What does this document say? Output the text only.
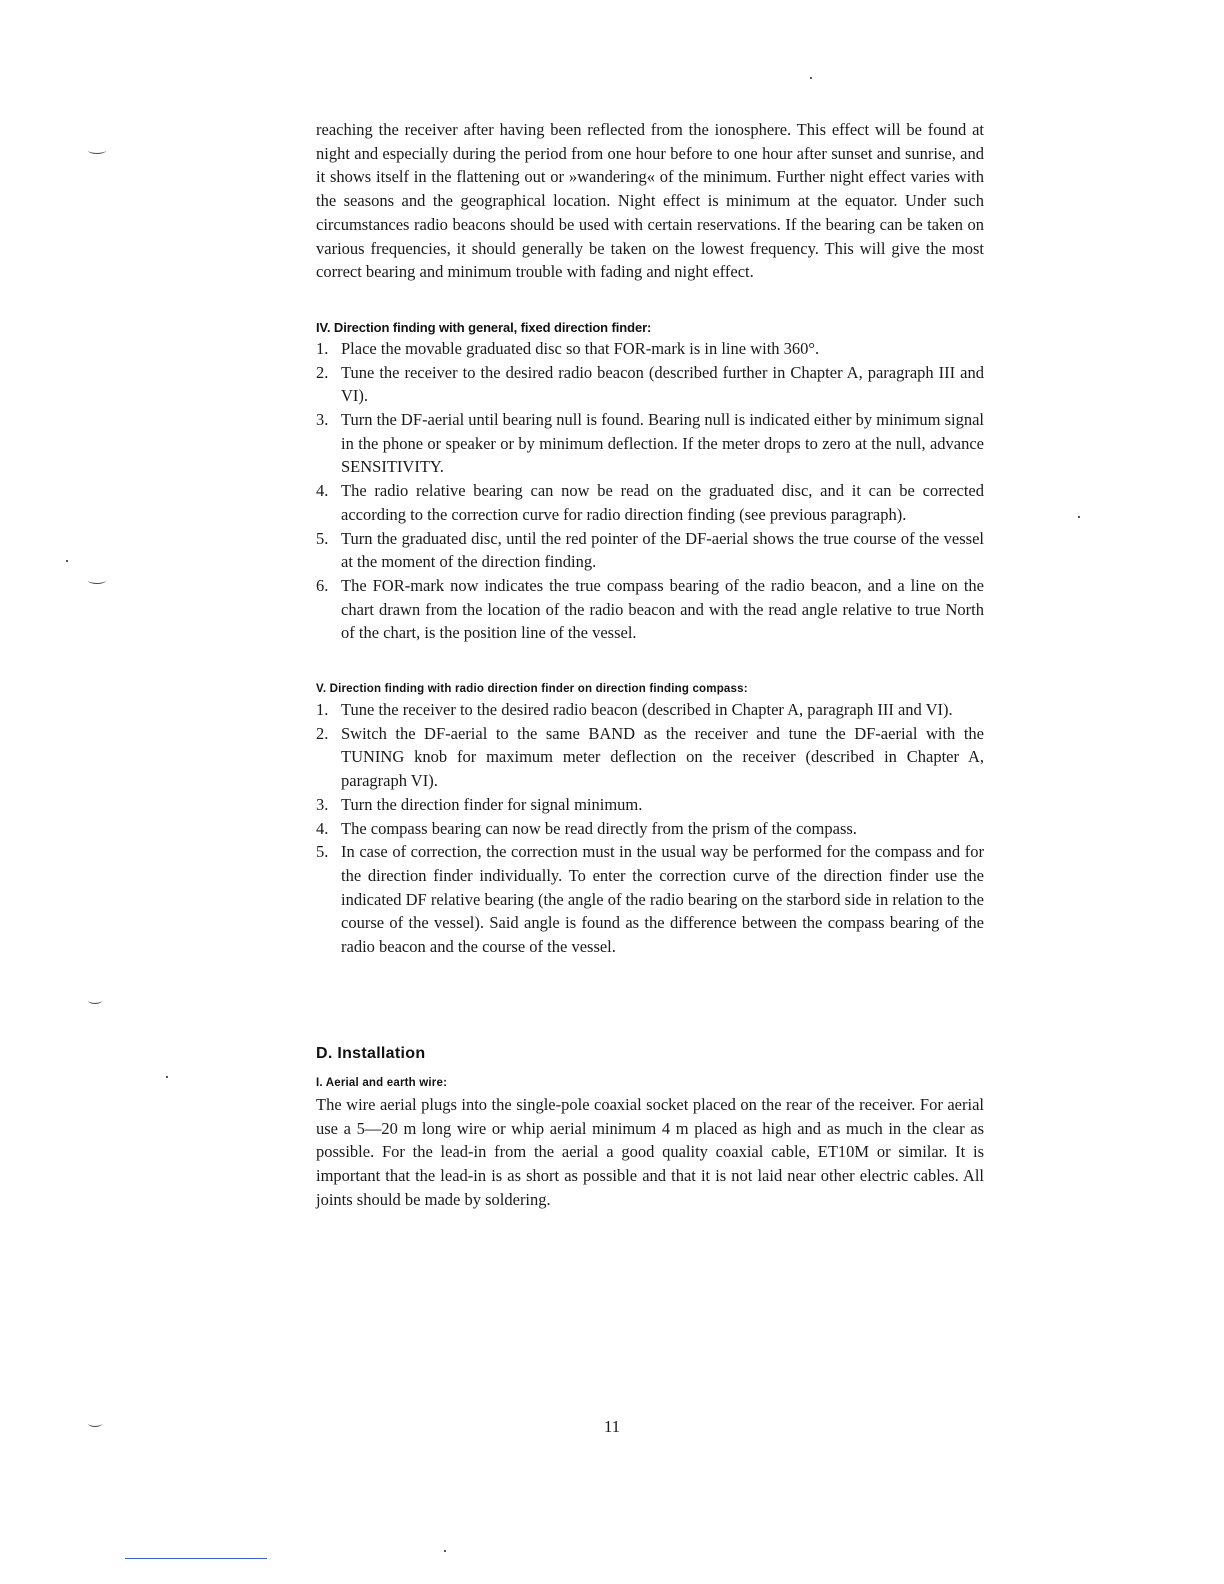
reaching the receiver after having been reflected from the ionosphere. This effect will be found at night and especially during the period from one hour before to one hour after sunset and sunrise, and it shows itself in the flattening out or »wandering« of the minimum. Further night effect varies with the seasons and the geographical location. Night effect is minimum at the equator. Under such circumstances radio beacons should be used with certain reservations. If the bearing can be taken on various frequencies, it should generally be taken on the lowest frequency. This will give the most correct bearing and minimum trouble with fading and night effect.

IV. Direction finding with general, fixed direction finder:
1. Place the movable graduated disc so that FOR-mark is in line with 360°.
2. Tune the receiver to the desired radio beacon (described further in Chapter A, paragraph III and VI).
3. Turn the DF-aerial until bearing null is found. Bearing null is indicated either by minimum signal in the phone or speaker or by minimum deflection. If the meter drops to zero at the null, advance SENSITIVITY.
4. The radio relative bearing can now be read on the graduated disc, and it can be corrected according to the correction curve for radio direction finding (see previous paragraph).
5. Turn the graduated disc, until the red pointer of the DF-aerial shows the true course of the vessel at the moment of the direction finding.
6. The FOR-mark now indicates the true compass bearing of the radio beacon, and a line on the chart drawn from the location of the radio beacon and with the read angle relative to true North of the chart, is the position line of the vessel.
V. Direction finding with radio direction finder on direction finding compass:
1. Tune the receiver to the desired radio beacon (described in Chapter A, paragraph III and VI).
2. Switch the DF-aerial to the same BAND as the receiver and tune the DF-aerial with the TUNING knob for maximum meter deflection on the receiver (described in Chapter A, paragraph VI).
3. Turn the direction finder for signal minimum.
4. The compass bearing can now be read directly from the prism of the compass.
5. In case of correction, the correction must in the usual way be performed for the compass and for the direction finder individually. To enter the correction curve of the direction finder use the indicated DF relative bearing (the angle of the radio bearing on the starbord side in relation to the course of the vessel). Said angle is found as the difference between the compass bearing of the radio beacon and the course of the vessel.
D. Installation
I. Aerial and earth wire:

The wire aerial plugs into the single-pole coaxial socket placed on the rear of the receiver. For aerial use a 5—20 m long wire or whip aerial minimum 4 m placed as high and as much in the clear as possible. For the lead-in from the aerial a good quality coaxial cable, ET10M or similar. It is important that the lead-in is as short as possible and that it is not laid near other electric cables. All joints should be made by soldering.

11
